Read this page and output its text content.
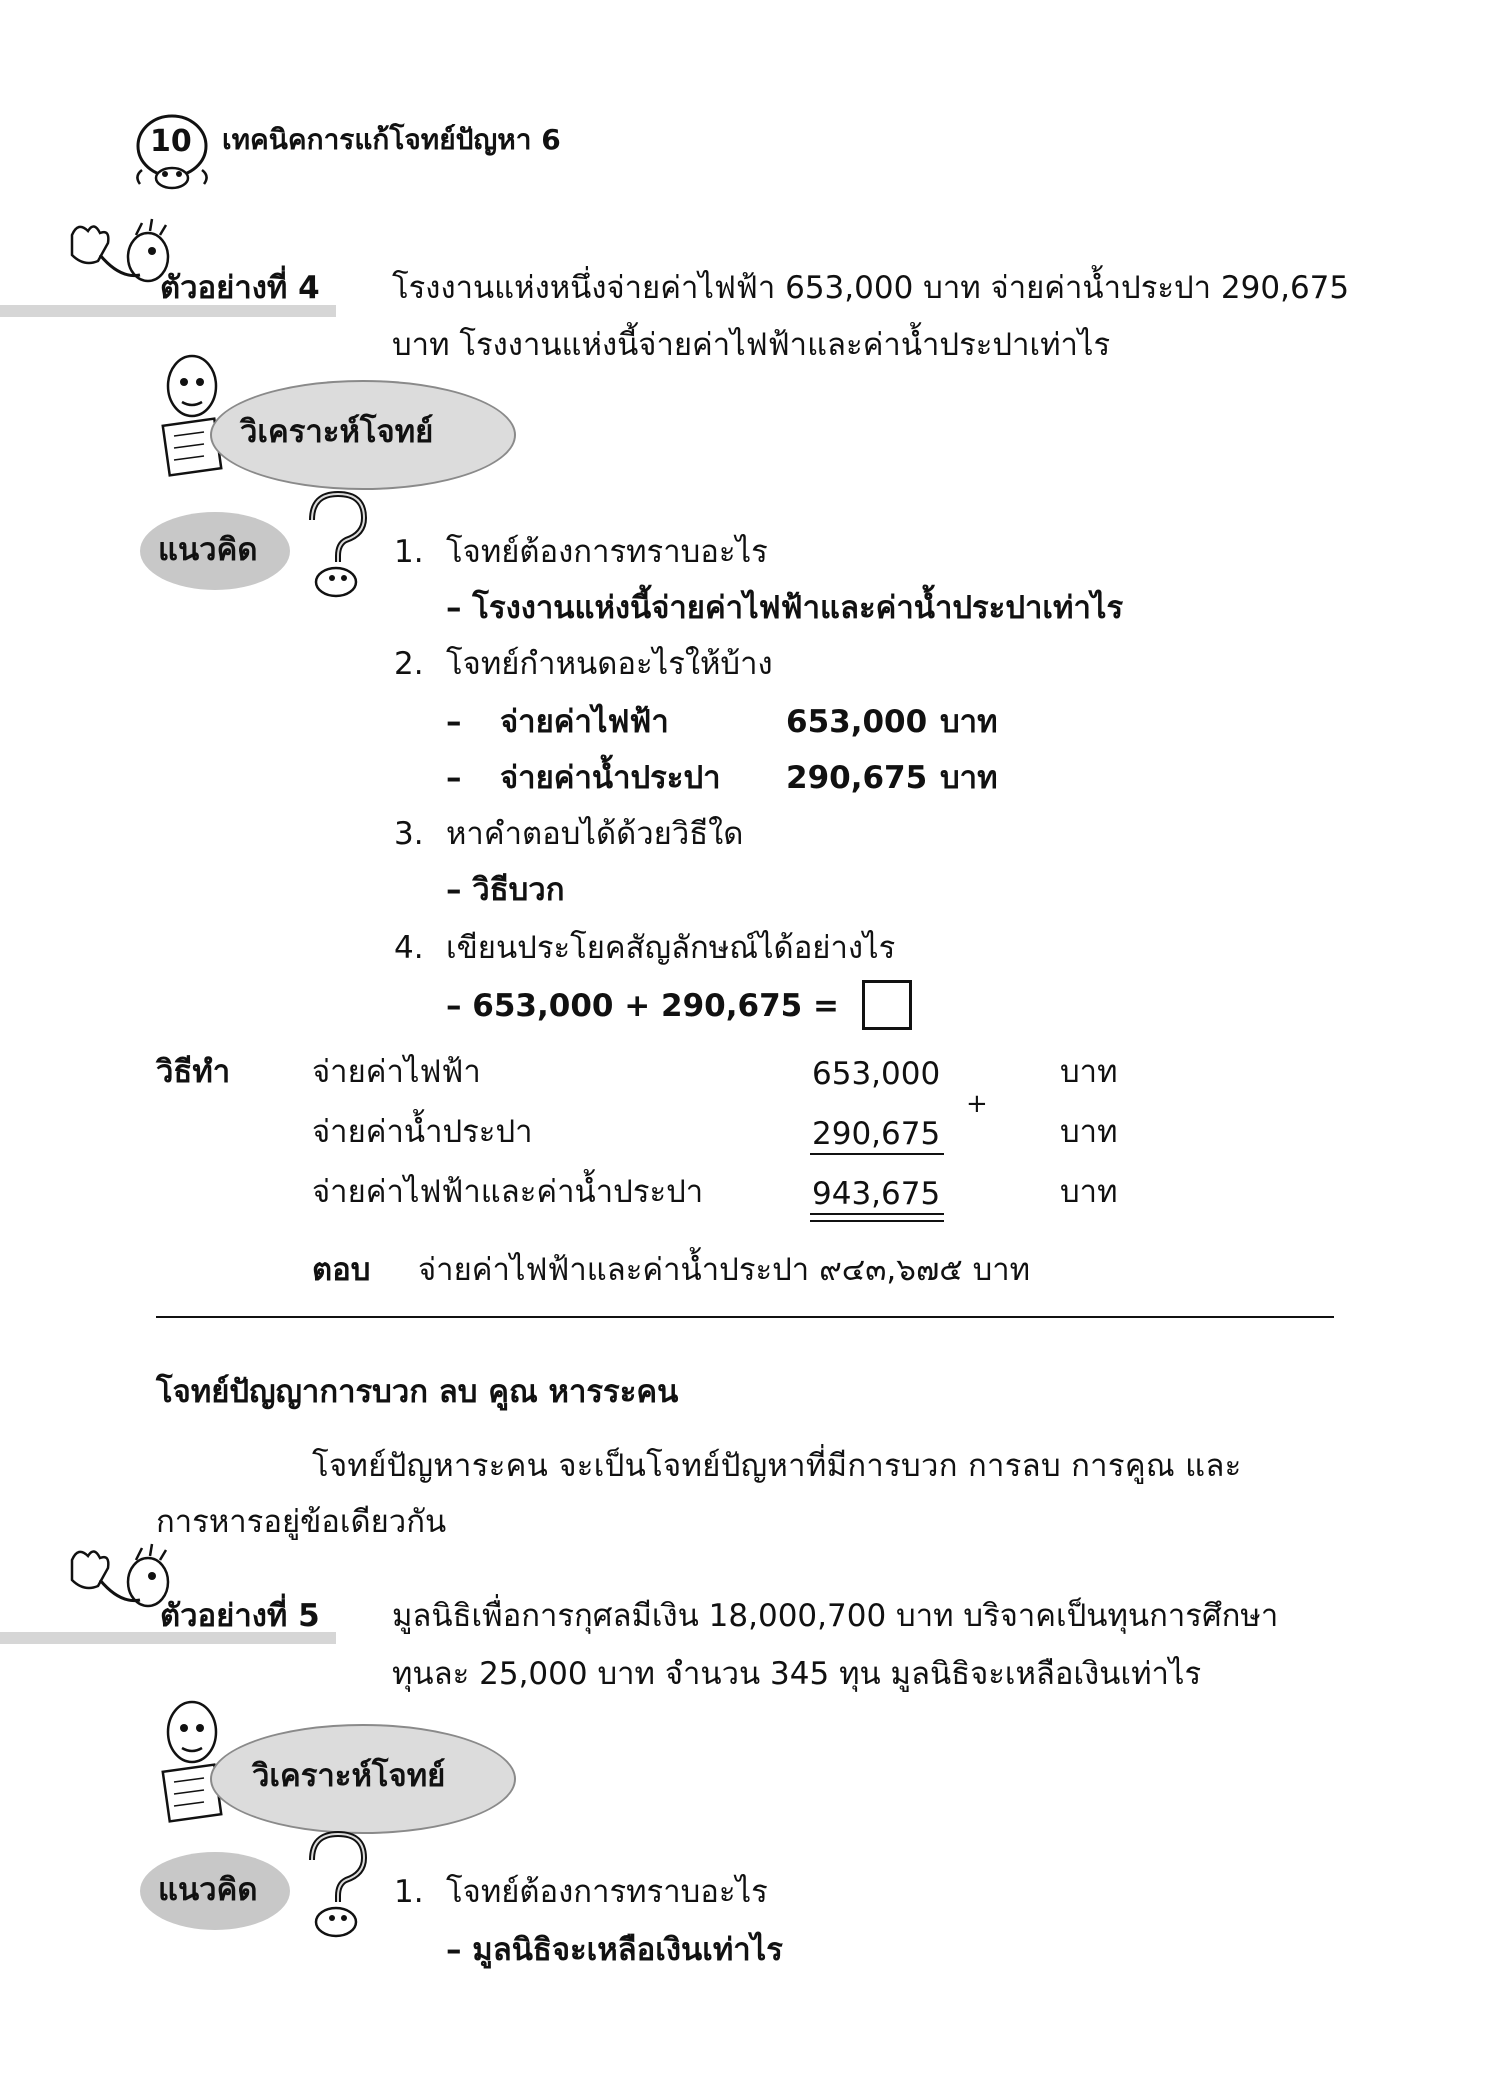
10 เทคนิคการแก้โจทย์ปัญหา 6
ตัวอย่างที่ 4 โรงงานแห่งหนึ่งจ่ายค่าไฟฟ้า 653,000 บาท จ่ายค่าน้ำประปา 290,675
บาท โรงงานแห่งนี้จ่ายค่าไฟฟ้าและค่าน้ำประปาเท่าไร
วิเคราะห์โจทย์
แนวคิด	1. โจทย์ต้องการทราบอะไร
– โรงงานแห่งนี้จ่ายค่าไฟฟ้าและค่าน้ำประปาเท่าไร
2. โจทย์กำหนดอะไรให้บ้าง
– จ่ายค่าไฟฟ้า	653,000 บาท
– จ่ายค่าน้ำประปา 290,675 บาท
3. หาคำตอบได้ด้วยวิธีใด
– วิธีบวก
4. เขียนประโยคสัญลักษณ์ได้อย่างไร
– 653,000 + 290,675 =
วิธีทำ	จ่ายค่าไฟฟ้า	653,000	บาท
+
จ่ายค่าน้ำประปา	290,675	บาท
จ่ายค่าไฟฟ้าและค่าน้ำประปา	943,675	บาท
ตอบ จ่ายค่าไฟฟ้าและค่าน้ำประปา ๙๔๓,๖๗๕ บาท
โจทย์ปัญญาการบวก ลบ คูณ หารระคน
โจทย์ปัญหาระคน จะเป็นโจทย์ปัญหาที่มีการบวก การลบ การคูณ และ
การหารอยู่ข้อเดียวกัน
ตัวอย่างที่ 5 มูลนิธิเพื่อการกุศลมีเงิน 18,000,700 บาท บริจาคเป็นทุนการศึกษา
ทุนละ 25,000 บาท จำนวน 345 ทุน มูลนิธิจะเหลือเงินเท่าไร
วิเคราะห์โจทย์
แนวคิด	1. โจทย์ต้องการทราบอะไร
– มูลนิธิจะเหลือเงินเท่าไร
